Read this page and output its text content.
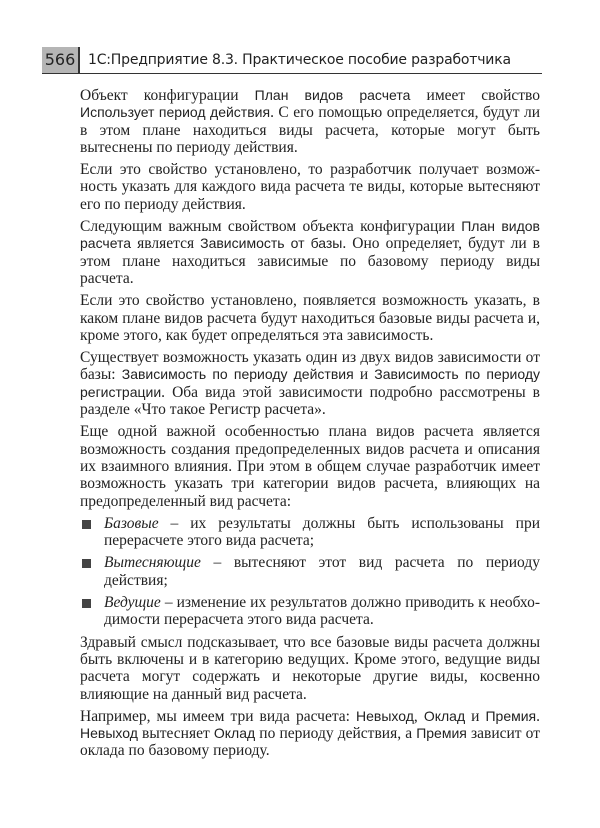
566 1С:Предприятие 8.3. Практическое пособие разработчика

Объект конфигурации План видов расчета имеет свойство Использует период действия. С его помощью определяется, будут ли в этом плане находиться виды расчета, которые могут быть вытеснены по периоду действия.

Если это свойство установлено, то разработчик получает возможность указать для каждого вида расчета те виды, которые вытесняют его по периоду действия.

Следующим важным свойством объекта конфигурации План видов расчета является Зависимость от базы. Оно определяет, будут ли в этом плане находиться зависимые по базовому периоду виды расчета.

Если это свойство установлено, появляется возможность указать, в каком плане видов расчета будут находиться базовые виды расчета и, кроме этого, как будет определяться эта зависимость.

Существует возможность указать один из двух видов зависимости от базы: Зависимость по периоду действия и Зависимость по периоду регистрации. Оба вида этой зависимости подробно рассмотрены в разделе «Что такое Регистр расчета».

Еще одной важной особенностью плана видов расчета является возможность создания предопределенных видов расчета и описания их взаимного влияния. При этом в общем случае разработчик имеет возможность указать три категории видов расчета, влияющих на предопределенный вид расчета:

Базовые – их результаты должны быть использованы при перерасчете этого вида расчета;
Вытесняющие – вытесняют этот вид расчета по периоду действия;
Ведущие – изменение их результатов должно приводить к необходимости перерасчета этого вида расчета.

Здравый смысл подсказывает, что все базовые виды расчета должны быть включены и в категорию ведущих. Кроме этого, ведущие виды расчета могут содержать и некоторые другие виды, косвенно влияющие на данный вид расчета.

Например, мы имеем три вида расчета: Невыход, Оклад и Премия. Невыход вытесняет Оклад по периоду действия, а Премия зависит от оклада по базовому периоду.
